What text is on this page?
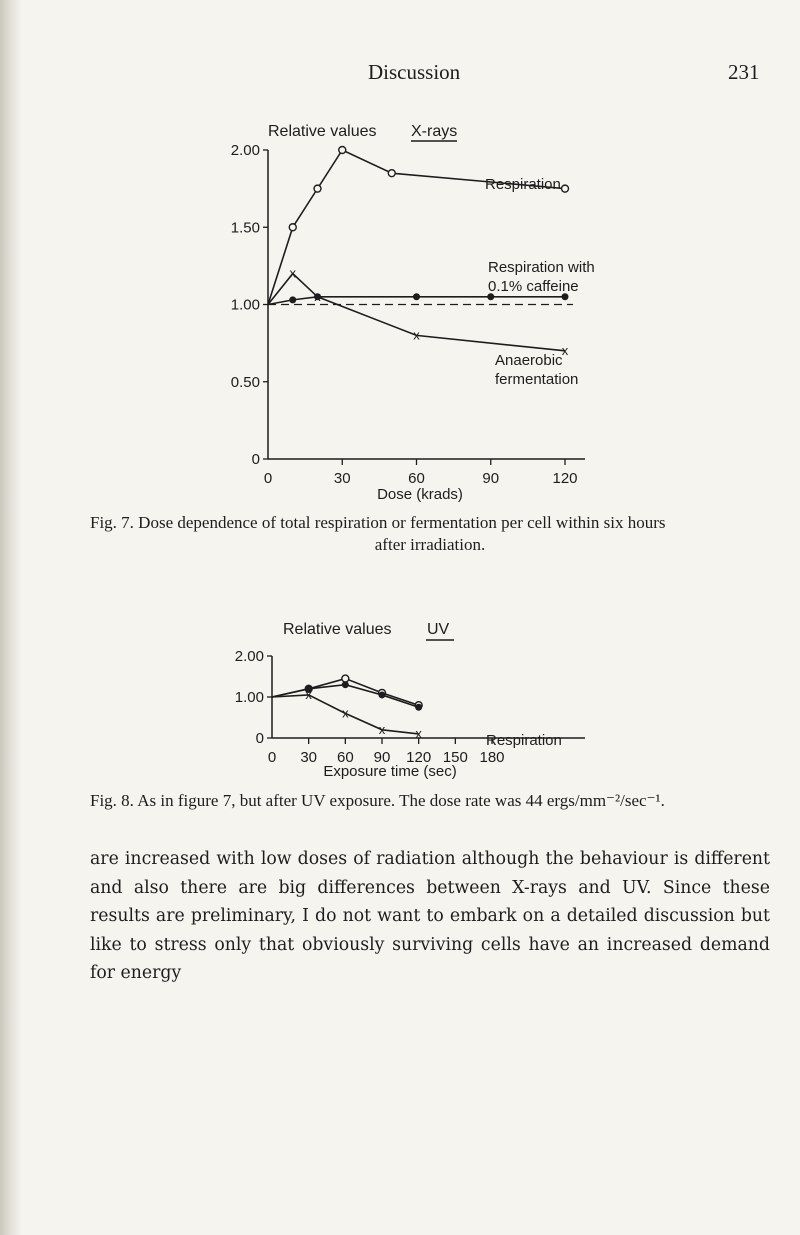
Discussion	231
0
0.50
1.00
1.50
2.00
0	30	60	90	120
x
x
x
x
Relative values X-rays
Dose (krads)
Respiration
Respiration with
0.1% caffeine
Anaerobic
fermentation
Fig. 7. Dose dependence of total respiration or fermentation per cell within six hours
after irradiation.
0
1.00
2.00
0 30 60 90 120 150 180
x
x
x x
Relative values UV
Exposure time (sec)
Fig. 8. As in figure 7, but after UV exposure. The dose rate was 44 ergs/mm⁻²/sec⁻¹.
are increased with low doses of radiation although the behaviour is different and also there are big differences between X-rays and UV. Since these results are preliminary, I do not want to embark on a detailed discussion but like to stress only that obviously surviving cells have an increased demand for energy
Respiration
